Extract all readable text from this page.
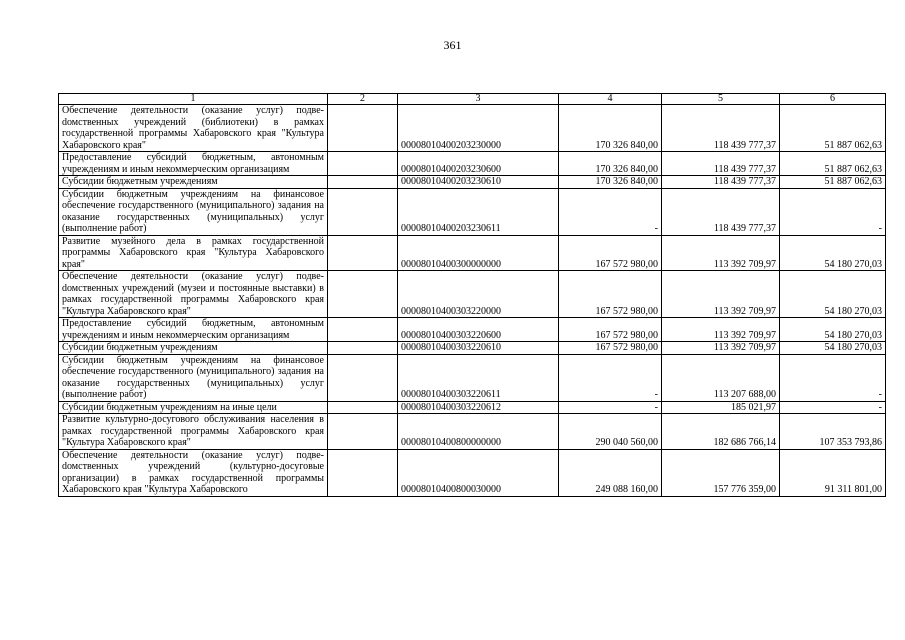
361
1	2	3	4	5	6
Обеспечение деятельности (оказание услуг) подвеdомственных учреждений (библиотеки) в рамках государственной программы Хабаровского края "Культура Хабаровского края"		00008010400203230000	170 326 840,00	118 439 777,37	51 887 062,63
Предоставление субсидий бюджетным, автономным учреждениям и иным некоммерческим организациям		00008010400203230600	170 326 840,00	118 439 777,37	51 887 062,63
Субсидии бюджетным учреждениям		00008010400203230610	170 326 840,00	118 439 777,37	51 887 062,63
Субсидии бюджетным учреждениям на финансовое обеспечение государственного (муниципального) задания на оказание государственных (муниципальных) услуг (выполнение работ)		00008010400203230611	-	118 439 777,37	-
Развитие музейного дела в рамках государственной программы Хабаровского края "Культура Хабаровского края"		00008010400300000000	167 572 980,00	113 392 709,97	54 180 270,03
Обеспечение деятельности (оказание услуг) подвеdомственных учреждений (музеи и постоянные выставки) в рамках государственной программы Хабаровского края "Культура Хабаровского края"		00008010400303220000	167 572 980,00	113 392 709,97	54 180 270,03
Предоставление субсидий бюджетным, автономным учреждениям и иным некоммерческим организациям		00008010400303220600	167 572 980,00	113 392 709,97	54 180 270,03
Субсидии бюджетным учреждениям		00008010400303220610	167 572 980,00	113 392 709,97	54 180 270,03
Субсидии бюджетным учреждениям на финансовое обеспечение государственного (муниципального) задания на оказание государственных (муниципальных) услуг (выполнение работ)		00008010400303220611	-	113 207 688,00	-
Субсидии бюджетным учреждениям на иные цели		00008010400303220612	-	185 021,97	-
Развитие культурно-досугового обслуживания населения в рамках государственной программы Хабаровского края "Культура Хабаровского края"		00008010400800000000	290 040 560,00	182 686 766,14	107 353 793,86
Обеспечение деятельности (оказание услуг) подвеdомственных учреждений (культурно-досуговые организации) в рамках государственной программы Хабаровского края "Культура Хабаровского		00008010400800030000	249 088 160,00	157 776 359,00	91 311 801,00
